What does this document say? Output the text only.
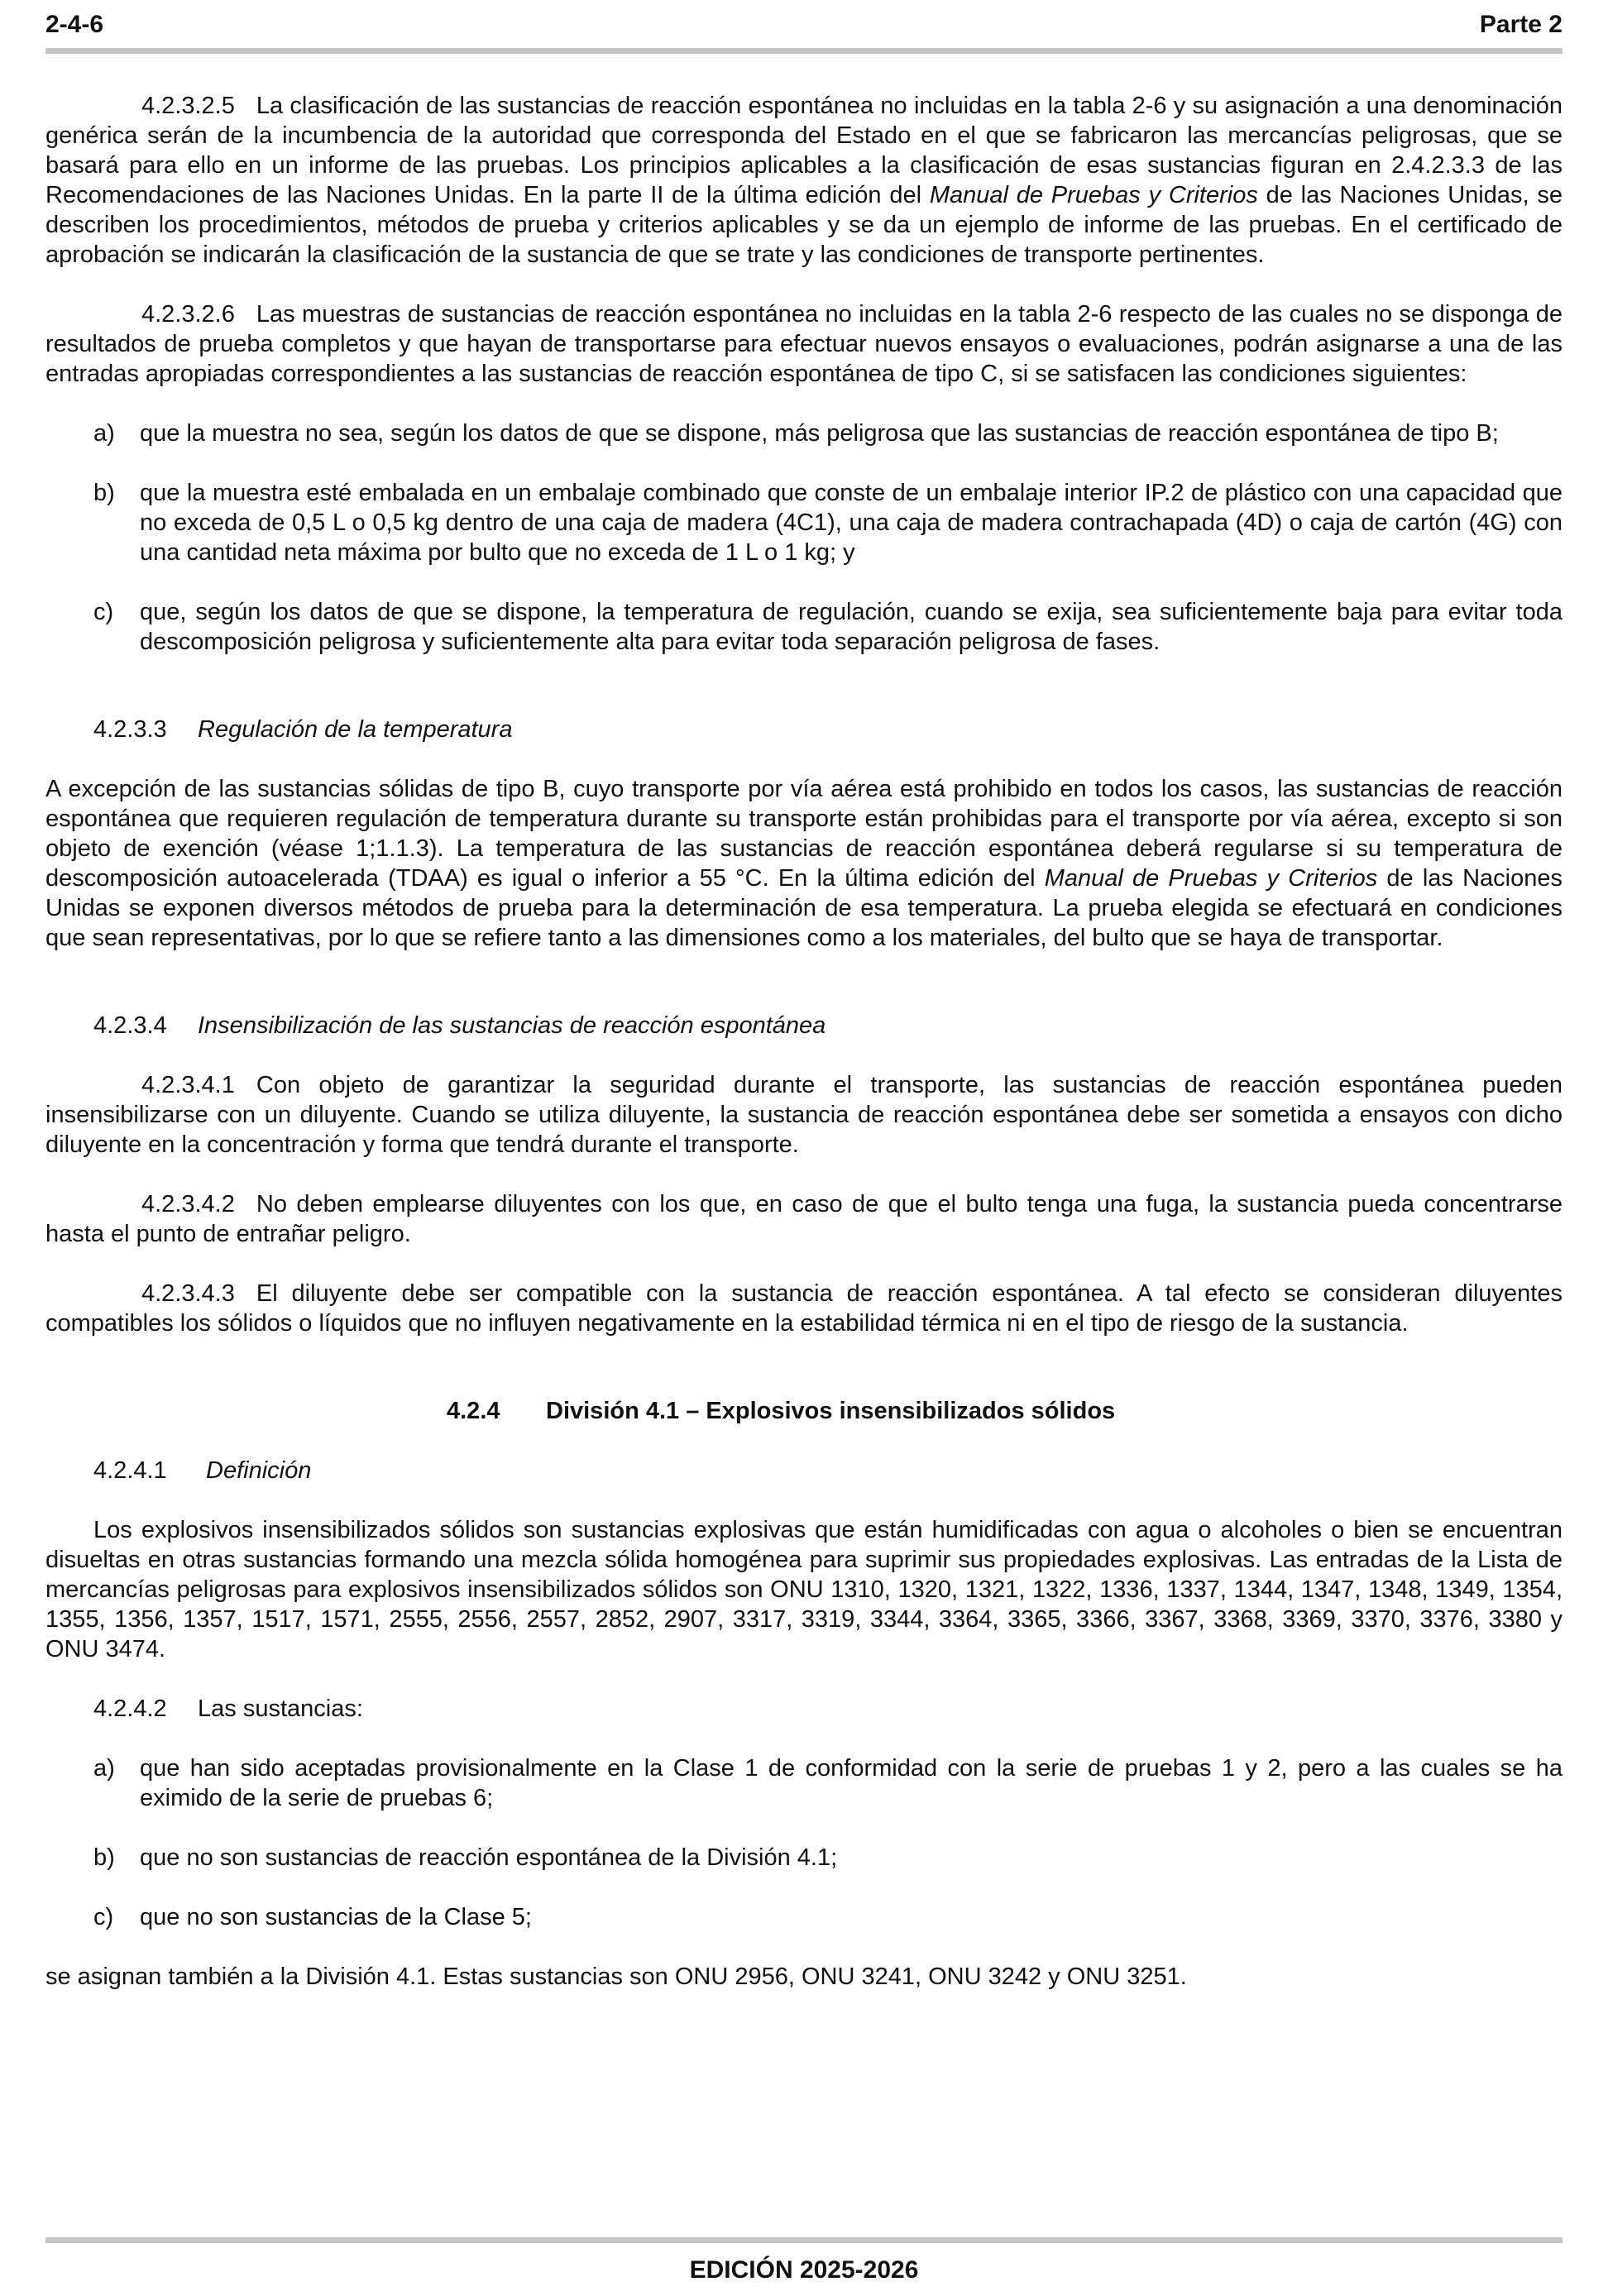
2-4-6	Parte 2

4.2.3.2.5 La clasificación de las sustancias de reacción espontánea no incluidas en la tabla 2-6 y su asignación a una denominación genérica serán de la incumbencia de la autoridad que corresponda del Estado en el que se fabricaron las mercancías peligrosas, que se basará para ello en un informe de las pruebas. Los principios aplicables a la clasificación de esas sustancias figuran en 2.4.2.3.3 de las Recomendaciones de las Naciones Unidas. En la parte II de la última edición del Manual de Pruebas y Criterios de las Naciones Unidas, se describen los procedimientos, métodos de prueba y criterios aplicables y se da un ejemplo de informe de las pruebas. En el certificado de aprobación se indicarán la clasificación de la sustancia de que se trate y las condiciones de transporte pertinentes.

4.2.3.2.6 Las muestras de sustancias de reacción espontánea no incluidas en la tabla 2-6 respecto de las cuales no se disponga de resultados de prueba completos y que hayan de transportarse para efectuar nuevos ensayos o evaluaciones, podrán asignarse a una de las entradas apropiadas correspondientes a las sustancias de reacción espontánea de tipo C, si se satisfacen las condiciones siguientes:

a) que la muestra no sea, según los datos de que se dispone, más peligrosa que las sustancias de reacción espontánea de tipo B;
b) que la muestra esté embalada en un embalaje combinado que conste de un embalaje interior IP.2 de plástico con una capacidad que no exceda de 0,5 L o 0,5 kg dentro de una caja de madera (4C1), una caja de madera contrachapada (4D) o caja de cartón (4G) con una cantidad neta máxima por bulto que no exceda de 1 L o 1 kg; y
c) que, según los datos de que se dispone, la temperatura de regulación, cuando se exija, sea suficientemente baja para evitar toda descomposición peligrosa y suficientemente alta para evitar toda separación peligrosa de fases.

4.2.3.3 Regulación de la temperatura

A excepción de las sustancias sólidas de tipo B, cuyo transporte por vía aérea está prohibido en todos los casos, las sustancias de reacción espontánea que requieren regulación de temperatura durante su transporte están prohibidas para el transporte por vía aérea, excepto si son objeto de exención (véase 1;1.1.3). La temperatura de las sustancias de reacción espontánea deberá regularse si su temperatura de descomposición autoacelerada (TDAA) es igual o inferior a 55 °C. En la última edición del Manual de Pruebas y Criterios de las Naciones Unidas se exponen diversos métodos de prueba para la determinación de esa temperatura. La prueba elegida se efectuará en condiciones que sean representativas, por lo que se refiere tanto a las dimensiones como a los materiales, del bulto que se haya de transportar.

4.2.3.4 Insensibilización de las sustancias de reacción espontánea

4.2.3.4.1 Con objeto de garantizar la seguridad durante el transporte, las sustancias de reacción espontánea pueden insensibilizarse con un diluyente. Cuando se utiliza diluyente, la sustancia de reacción espontánea debe ser sometida a ensayos con dicho diluyente en la concentración y forma que tendrá durante el transporte.

4.2.3.4.2 No deben emplearse diluyentes con los que, en caso de que el bulto tenga una fuga, la sustancia pueda concentrarse hasta el punto de entrañar peligro.

4.2.3.4.3 El diluyente debe ser compatible con la sustancia de reacción espontánea. A tal efecto se consideran diluyentes compatibles los sólidos o líquidos que no influyen negativamente en la estabilidad térmica ni en el tipo de riesgo de la sustancia.

4.2.4 División 4.1 – Explosivos insensibilizados sólidos
4.2.4.1 Definición

Los explosivos insensibilizados sólidos son sustancias explosivas que están humidificadas con agua o alcoholes o bien se encuentran disueltas en otras sustancias formando una mezcla sólida homogénea para suprimir sus propiedades explosivas. Las entradas de la Lista de mercancías peligrosas para explosivos insensibilizados sólidos son ONU 1310, 1320, 1321, 1322, 1336, 1337, 1344, 1347, 1348, 1349, 1354, 1355, 1356, 1357, 1517, 1571, 2555, 2556, 2557, 2852, 2907, 3317, 3319, 3344, 3364, 3365, 3366, 3367, 3368, 3369, 3370, 3376, 3380 y ONU 3474.

4.2.4.2 Las sustancias:

a) que han sido aceptadas provisionalmente en la Clase 1 de conformidad con la serie de pruebas 1 y 2, pero a las cuales se ha eximido de la serie de pruebas 6;
b) que no son sustancias de reacción espontánea de la División 4.1;
c) que no son sustancias de la Clase 5;

se asignan también a la División 4.1. Estas sustancias son ONU 2956, ONU 3241, ONU 3242 y ONU 3251.

EDICIÓN 2025-2026
